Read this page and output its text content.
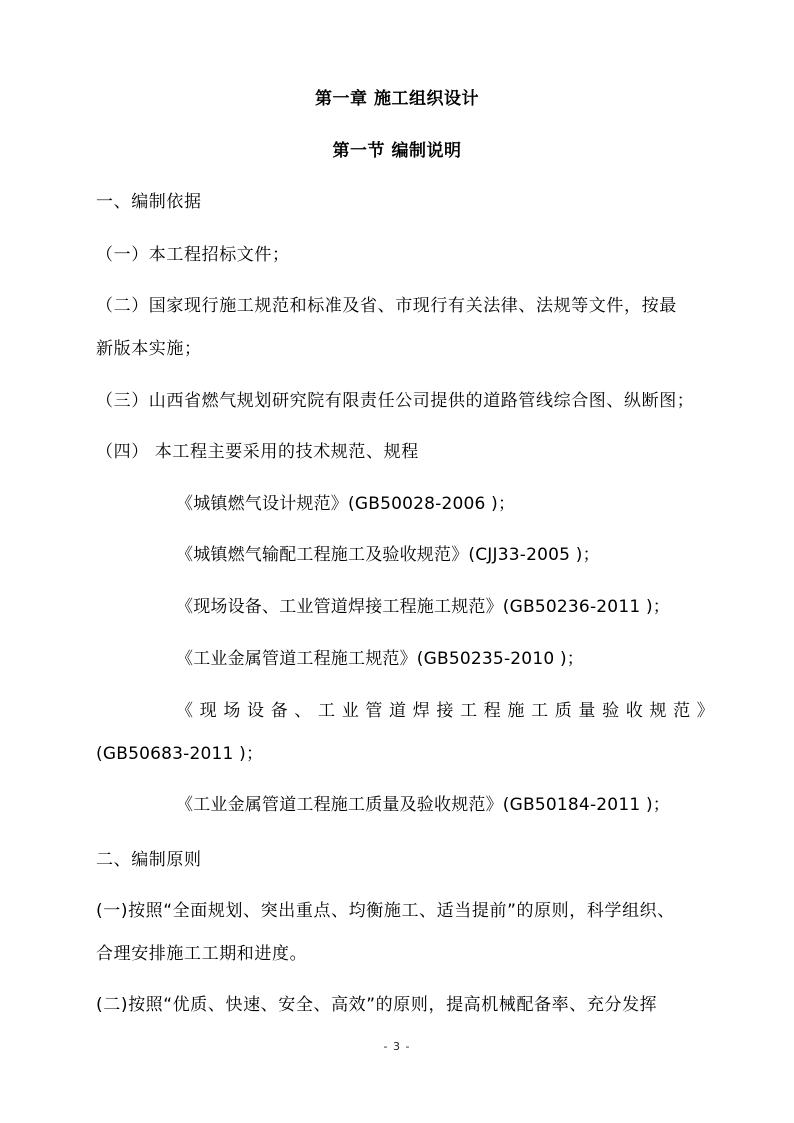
第一章 施工组织设计

第一节 编制说明

一、编制依据

（一）本工程招标文件；

（二）国家现行施工规范和标准及省、市现行有关法律、法规等文件，按最

新版本实施；

（三）山西省燃气规划研究院有限责任公司提供的道路管线综合图、纵断图；

（四） 本工程主要采用的技术规范、规程

《城镇燃气设计规范》(GB50028-2006 )；

《城镇燃气输配工程施工及验收规范》(CJJ33-2005 )；

《现场设备、工业管道焊接工程施工规范》(GB50236-2011 )；

《工业金属管道工程施工规范》(GB50235-2010 )；

《现场设备、工业管道焊接工程施工质量验收规范》

(GB50683-2011 )；

《工业金属管道工程施工质量及验收规范》(GB50184-2011 )；

二、编制原则

(一)按照“全面规划、突出重点、均衡施工、适当提前”的原则，科学组织、

合理安排施工工期和进度。

(二)按照“优质、快速、安全、高效”的原则，提高机械配备率、充分发挥

- 3 -
